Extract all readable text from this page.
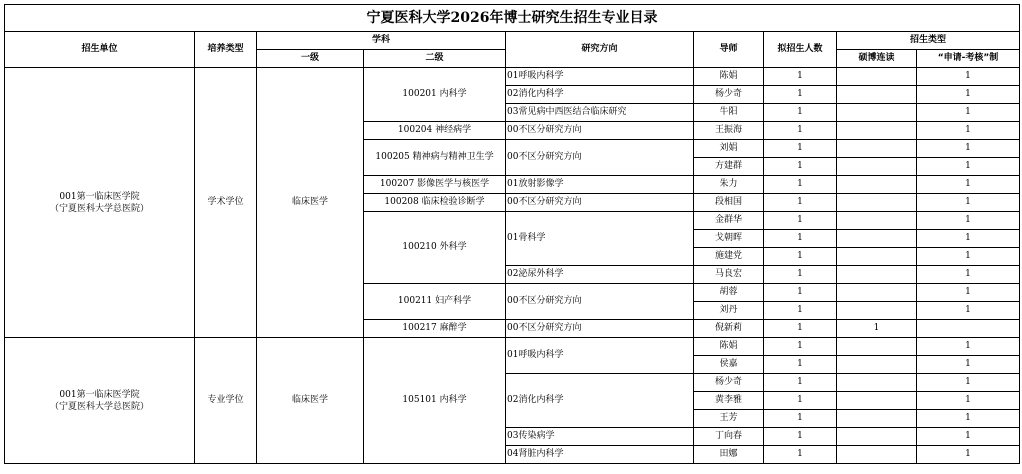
宁夏医科大学2026年博士研究生招生专业目录								
招生单位	培养类型	学科		研究方向	导师	拟招生人数	招生类型	
		一级	二级				硕博连读	“申请-考核”制
001第一临床医学院
（宁夏医科大学总医院）	学术学位	临床医学	100201 内科学	01呼吸内科学	陈娟	1		1
				02消化内科学	杨少奇	1		1
				03常见病中西医结合临床研究	牛阳	1		1
			100204 神经病学	00不区分研究方向	王振海	1		1
			100205 精神病与精神卫生学	00不区分研究方向	刘娟	1		1
					方建群	1		1
			100207 影像医学与核医学	01放射影像学	朱力	1		1
			100208 临床检验诊断学	00不区分研究方向	段相国	1		1
			100210 外科学	01骨科学	金群华	1		1
					戈朝晖	1		1
					施建党	1		1
				02泌尿外科学	马良宏	1		1
			100211 妇产科学	00不区分研究方向	胡蓉	1		1
					刘丹	1		1
			100217 麻醉学	00不区分研究方向	倪新莉	1	1	
001第一临床医学院
（宁夏医科大学总医院）	专业学位	临床医学	105101 内科学	01呼吸内科学	陈娟	1		1
					侯嘉	1		1
				02消化内科学	杨少奇	1		1
					黄李雅	1		1
					王芳	1		1
				03传染病学	丁向春	1		1
				04肾脏内科学	田娜	1		1
